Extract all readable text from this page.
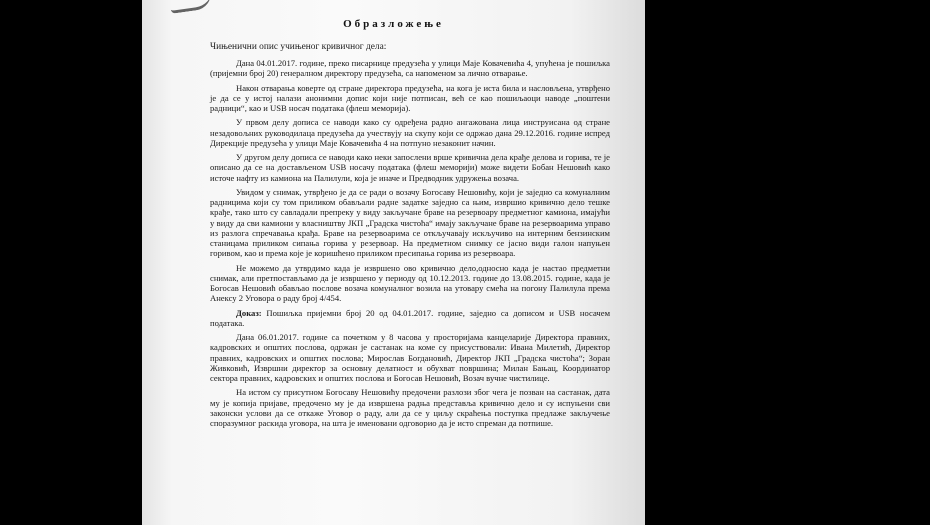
Образложење
Чињенични опис учињеног кривичног дела:

Дана 04.01.2017. године, преко писарнице предузећа у улици Маје Ковачевића 4, упућена је пошиљка (пријемни број 20) генералном директору предузећа, са напоменом за лично отварање.

Након отварања коверте од стране директора предузећа, на кога је иста била и насловљена, утврђено је да се у истој налази анонимни допис који није потписан, већ се као пошиљаоци наводе „поштени радници“, као и USB носач података (флеш меморија).

У првом делу дописа се наводи како су одређена радно ангажована лица инструисана од стране незадовољних руководилаца предузећа да учествују на скупу који се одржао дана 29.12.2016. године испред Дирекције предузећа у улици Маје Ковачевића 4 на потпуно незаконит начин.

У другом делу дописа се наводи како неки запослени врше кривична дела крађе делова и горива, те је описано да се на достављеном USB носачу података (флеш меморији) може видети Бобан Нешовић како источе нафту из камиона на Палилули, која је иначе и Предводник удружења возача.

Увидом у снимак, утврђено је да се ради о возачу Богосаву Нешовићу, који је заједно са комуналним радницима који су том приликом обављали радне задатке заједно са њим, извршио кривично дело тешке крађе, тако што су савладали препреку у виду закључане браве на резервоару предметног камиона, имајући у виду да сви камиони у власништву ЈКП „Градска чистоћа“ имају закључане браве на резервоарима управо из разлога спречавања крађа. Браве на резервоарима се откључавају искључиво на интерним бензинским станицама приликом сипања горива у резервоар. На предметном снимку се јасно види галон напуњен горивом, као и према које је коришћено приликом пресипања горива из резервоара.

Не можемо да утврдимо када је извршено ово кривично дело,односно када је настао предметни снимак, али претпостављамо да је извршено у периоду од 10.12.2013. године до 13.08.2015. године, када је Богосав Нешовић обављао послове возача комуналног возила на утовару смећа на погону Палилула према Анексу 2 Уговора о раду број 4/454.

Доказ: Пошиљка пријемни број 20 од 04.01.2017. године, заједно са дописом и USB носачем података.

Дана 06.01.2017. године са почетком у 8 часова у просторијама канцеларије Директора правних, кадровских и општих послова, одржан је састанак на коме су присуствовали: Ивана Милетић, Директор правних, кадровских и општих послова; Мирослав Богдановић, Директор ЈКП „Градска чистоћа“; Зоран Живковић, Извршни директор за основну делатност и обухват површина; Милан Бањац, Координатор сектора правних, кадровских и општих послова и Богосав Нешовић, Возач вучне чистилице.

На истом су присутном Богосаву Нешовићу предочени разлози због чега је позван на састанак, дата му је копија пријаве, предочено му је да извршена радња представља кривично дело и су испуњени сви законски услови да се откаже Уговор о раду, али да се у циљу скраћења поступка предлаже закључење споразумног раскида уговора, на шта је именовани одговорио да је исто спреман да потпише.
